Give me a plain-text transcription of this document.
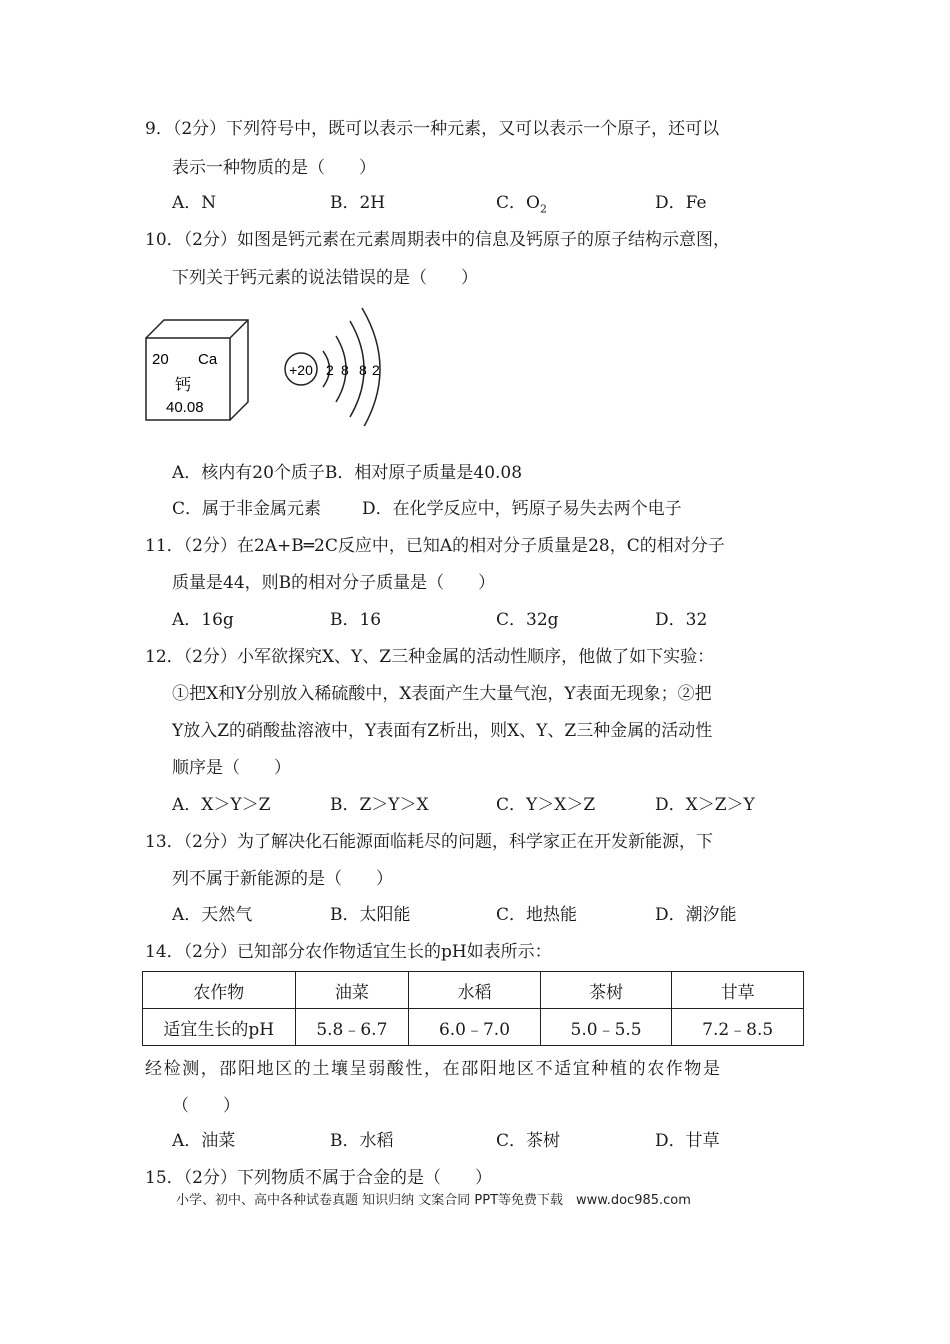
9．（2分）下列符号中，既可以表示一种元素，又可以表示一个原子，还可以
表示一种物质的是（　　）
A．N	B．2H	C．$O_2$	D．Fe
10．（2分）如图是钙元素在元素周期表中的信息及钙原子的原子结构示意图，
下列关于钙元素的说法错误的是（　　）
20 Ca
钙
40.08
+20 2 8 8 2
A．核内有20个质子B．相对原子质量是40.08
C．属于非金属元素 D．在化学反应中，钙原子易失去两个电子
11．（2分）在2A+B═2C反应中，已知A的相对分子质量是28，C的相对分子
质量是44，则B的相对分子质量是（　　）
A．16g	B．16	C．32g	D．32
12．（2分）小军欲探究X、Y、Z三种金属的活动性顺序，他做了如下实验：
①把X和Y分别放入稀硫酸中，X表面产生大量气泡，Y表面无现象；②把
Y放入Z的硝酸盐溶液中，Y表面有Z析出，则X、Y、Z三种金属的活动性
顺序是（　　）
A．X＞Y＞Z	B．Z＞Y＞X	C．Y＞X＞Z	D．X＞Z＞Y
13．（2分）为了解决化石能源面临耗尽的问题，科学家正在开发新能源，下
列不属于新能源的是（　　）
A．天然气	B．太阳能	C．地热能	D．潮汐能
14．（2分）已知部分农作物适宜生长的pH如表所示：
农作物	油菜	水稻	茶树	甘草
适宜生长的pH	5.8﹣6.7	6.0﹣7.0	5.0﹣5.5	7.2﹣8.5
经检测，邵阳地区的土壤呈弱酸性，在邵阳地区不适宜种植的农作物是
（　　）
A．油菜	B．水稻	C．茶树	D．甘草
15．（2分）下列物质不属于合金的是（　　）
小学、初中、高中各种试卷真题 知识归纳 文案合同 PPT等免费下载　www.doc985.com
